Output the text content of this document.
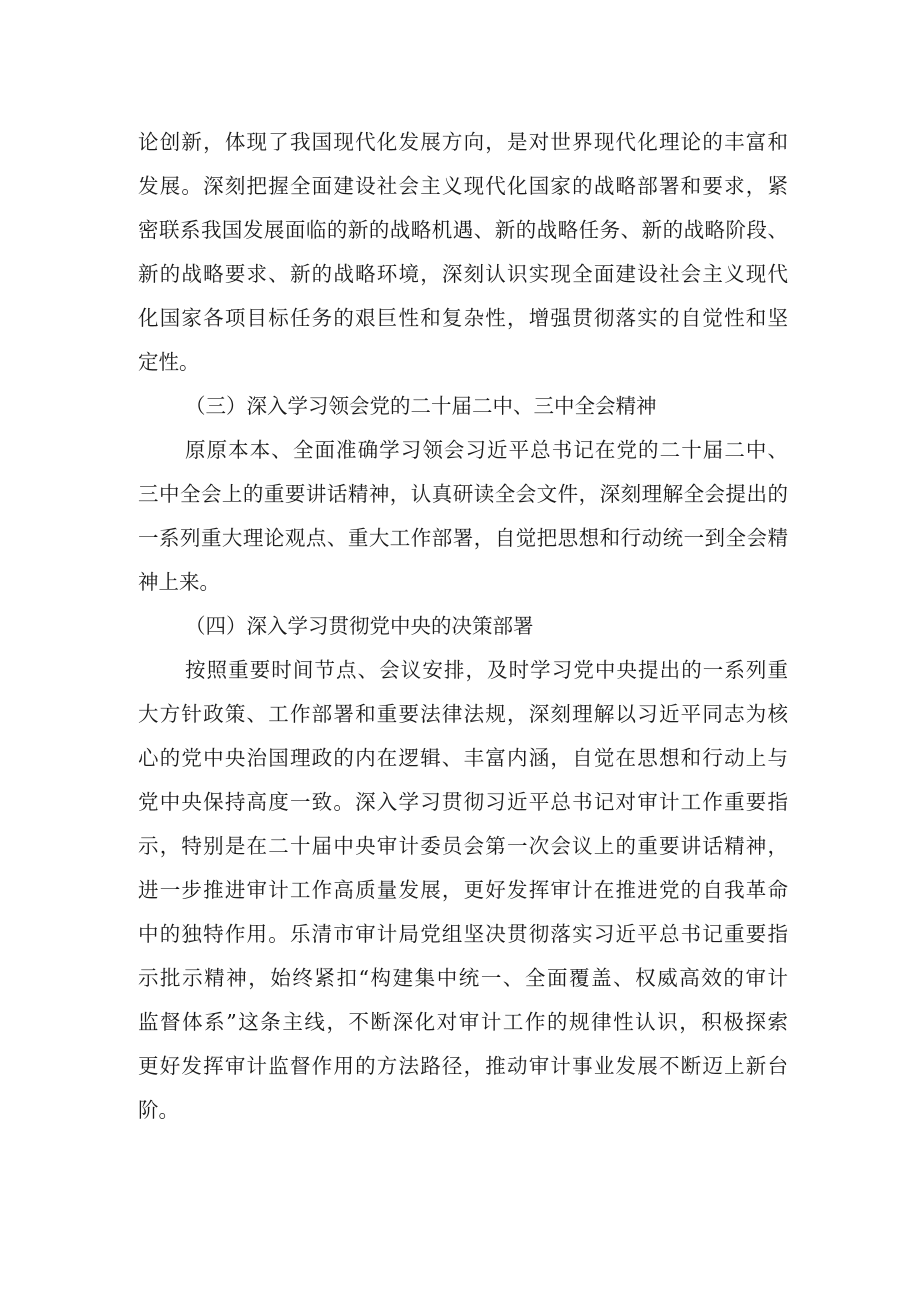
论创新，体现了我国现代化发展方向，是对世界现代化理论的丰富和
发展。深刻把握全面建设社会主义现代化国家的战略部署和要求，紧
密联系我国发展面临的新的战略机遇、新的战略任务、新的战略阶段、
新的战略要求、新的战略环境，深刻认识实现全面建设社会主义现代
化国家各项目标任务的艰巨性和复杂性，增强贯彻落实的自觉性和坚
定性。
（三）深入学习领会党的二十届二中、三中全会精神
原原本本、全面准确学习领会习近平总书记在党的二十届二中、
三中全会上的重要讲话精神，认真研读全会文件，深刻理解全会提出的
一系列重大理论观点、重大工作部署，自觉把思想和行动统一到全会精
神上来。
（四）深入学习贯彻党中央的决策部署
按照重要时间节点、会议安排，及时学习党中央提出的一系列重
大方针政策、工作部署和重要法律法规，深刻理解以习近平同志为核
心的党中央治国理政的内在逻辑、丰富内涵，自觉在思想和行动上与
党中央保持高度一致。深入学习贯彻习近平总书记对审计工作重要指
示，特别是在二十届中央审计委员会第一次会议上的重要讲话精神，
进一步推进审计工作高质量发展，更好发挥审计在推进党的自我革命
中的独特作用。乐清市审计局党组坚决贯彻落实习近平总书记重要指
示批示精神，始终紧扣“构建集中统一、全面覆盖、权威高效的审计
监督体系”这条主线，不断深化对审计工作的规律性认识，积极探索
更好发挥审计监督作用的方法路径，推动审计事业发展不断迈上新台
阶。
